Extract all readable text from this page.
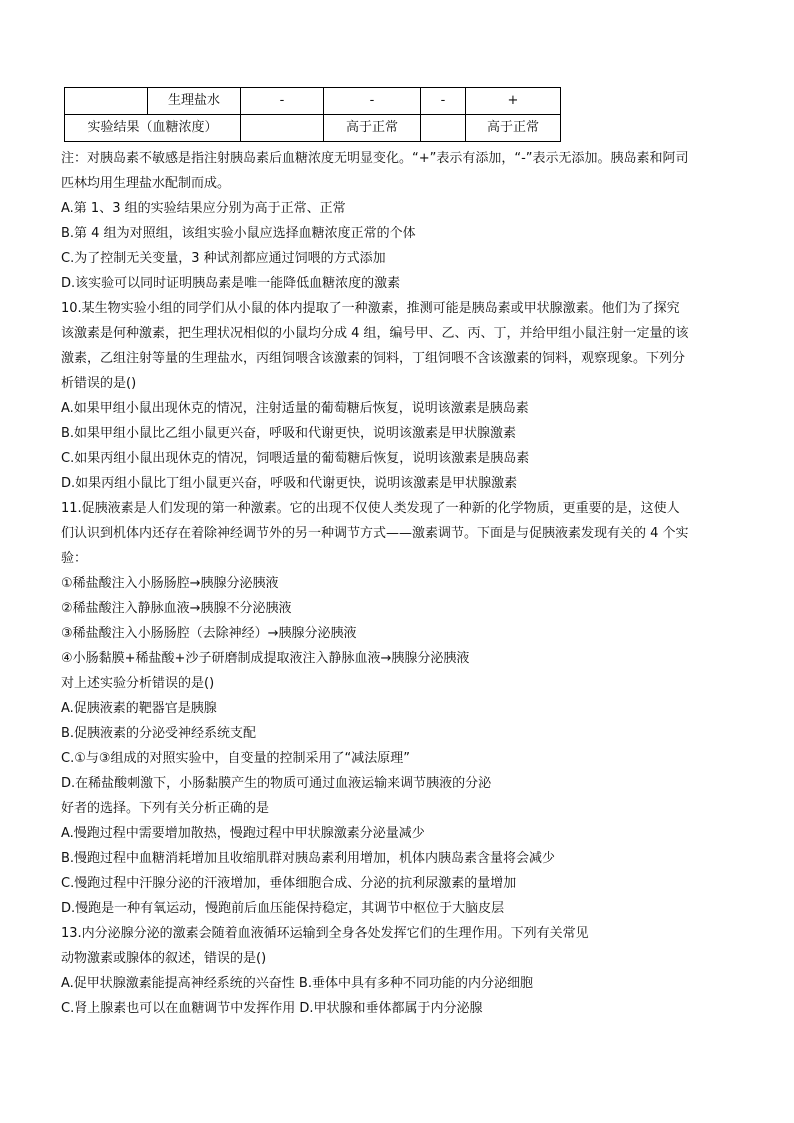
	生理盐水	-	-	-	+
实验结果（血糖浓度）			高于正常		高于正常
注：对胰岛素不敏感是指注射胰岛素后血糖浓度无明显变化。“+”表示有添加，“-”表示无添加。胰岛素和阿司
匹林均用生理盐水配制而成。
A.第 1、3 组的实验结果应分别为高于正常、正常
B.第 4 组为对照组，该组实验小鼠应选择血糖浓度正常的个体
C.为了控制无关变量，3 种试剂都应通过饲喂的方式添加
D.该实验可以同时证明胰岛素是唯一能降低血糖浓度的激素
10.某生物实验小组的同学们从小鼠的体内提取了一种激素，推测可能是胰岛素或甲状腺激素。他们为了探究
该激素是何种激素，把生理状况相似的小鼠均分成 4 组，编号甲、乙、丙、丁，并给甲组小鼠注射一定量的该
激素，乙组注射等量的生理盐水，丙组饲喂含该激素的饲料，丁组饲喂不含该激素的饲料，观察现象。下列分
析错误的是()
A.如果甲组小鼠出现休克的情况，注射适量的葡萄糖后恢复，说明该激素是胰岛素
B.如果甲组小鼠比乙组小鼠更兴奋，呼吸和代谢更快，说明该激素是甲状腺激素
C.如果丙组小鼠出现休克的情况，饲喂适量的葡萄糖后恢复，说明该激素是胰岛素
D.如果丙组小鼠比丁组小鼠更兴奋，呼吸和代谢更快，说明该激素是甲状腺激素
11.促胰液素是人们发现的第一种激素。它的出现不仅使人类发现了一种新的化学物质，更重要的是，这使人
们认识到机体内还存在着除神经调节外的另一种调节方式——激素调节。下面是与促胰液素发现有关的 4 个实
验：
①稀盐酸注入小肠肠腔→胰腺分泌胰液
②稀盐酸注入静脉血液→胰腺不分泌胰液
③稀盐酸注入小肠肠腔（去除神经）→胰腺分泌胰液
④小肠黏膜+稀盐酸+沙子研磨制成提取液注入静脉血液→胰腺分泌胰液
对上述实验分析错误的是()
A.促胰液素的靶器官是胰腺
B.促胰液素的分泌受神经系统支配
C.①与③组成的对照实验中，自变量的控制采用了“减法原理”
D.在稀盐酸刺激下，小肠黏膜产生的物质可通过血液运输来调节胰液的分泌
好者的选择。下列有关分析正确的是
A.慢跑过程中需要增加散热，慢跑过程中甲状腺激素分泌量减少
B.慢跑过程中血糖消耗增加且收缩肌群对胰岛素利用增加，机体内胰岛素含量将会减少
C.慢跑过程中汗腺分泌的汗液增加，垂体细胞合成、分泌的抗利尿激素的量增加
D.慢跑是一种有氧运动，慢跑前后血压能保持稳定，其调节中枢位于大脑皮层
13.内分泌腺分泌的激素会随着血液循环运输到全身各处发挥它们的生理作用。下列有关常见
动物激素或腺体的叙述，错误的是()
A.促甲状腺激素能提高神经系统的兴奋性 B.垂体中具有多种不同功能的内分泌细胞
C.肾上腺素也可以在血糖调节中发挥作用 D.甲状腺和垂体都属于内分泌腺
